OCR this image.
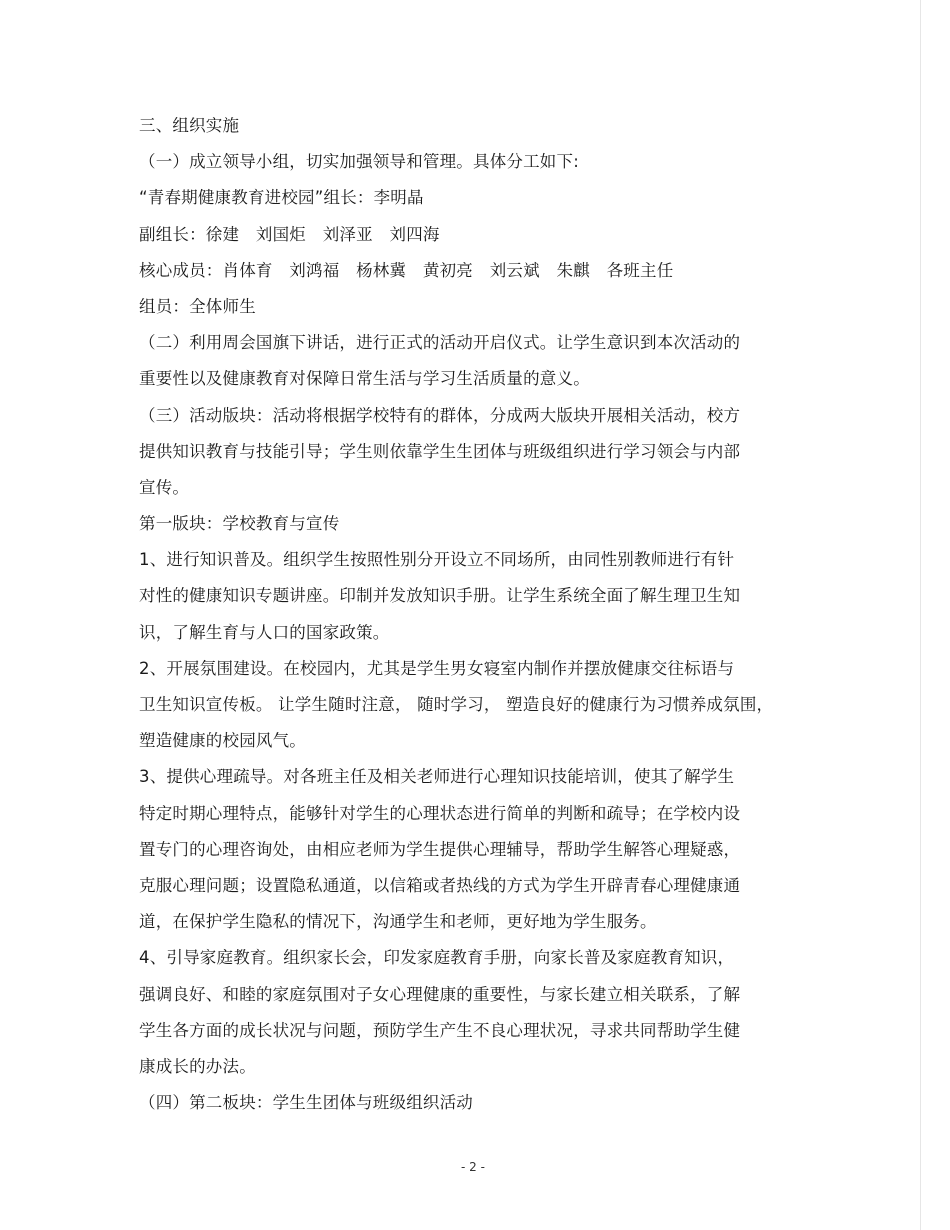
三、组织实施
（一）成立领导小组，切实加强领导和管理。具体分工如下:
“青春期健康教育进校园”组长：李明晶
副组长：徐建　刘国炬　刘泽亚　刘四海
核心成员：肖体育　刘鸿福　杨林冀　黄初亮　刘云斌　朱麒　各班主任
组员：全体师生
（二）利用周会国旗下讲话，进行正式的活动开启仪式。让学生意识到本次活动的
重要性以及健康教育对保障日常生活与学习生活质量的意义。
（三）活动版块：活动将根据学校特有的群体，分成两大版块开展相关活动，校方
提供知识教育与技能引导；学生则依靠学生生团体与班级组织进行学习领会与内部
宣传。
第一版块：学校教育与宣传
1、进行知识普及。组织学生按照性别分开设立不同场所，由同性别教师进行有针
对性的健康知识专题讲座。印制并发放知识手册。让学生系统全面了解生理卫生知
识，了解生育与人口的国家政策。
2、开展氛围建设。在校园内，尤其是学生男女寝室内制作并摆放健康交往标语与
卫生知识宣传板。 让学生随时注意， 随时学习， 塑造良好的健康行为习惯养成氛围，
塑造健康的校园风气。
3、提供心理疏导。对各班主任及相关老师进行心理知识技能培训，使其了解学生
特定时期心理特点，能够针对学生的心理状态进行简单的判断和疏导；在学校内设
置专门的心理咨询处，由相应老师为学生提供心理辅导，帮助学生解答心理疑惑，
克服心理问题；设置隐私通道，以信箱或者热线的方式为学生开辟青春心理健康通
道，在保护学生隐私的情况下，沟通学生和老师，更好地为学生服务。
4、引导家庭教育。组织家长会，印发家庭教育手册，向家长普及家庭教育知识，
强调良好、和睦的家庭氛围对子女心理健康的重要性，与家长建立相关联系，了解
学生各方面的成长状况与问题，预防学生产生不良心理状况，寻求共同帮助学生健
康成长的办法。
（四）第二板块：学生生团体与班级组织活动
- 2 -
